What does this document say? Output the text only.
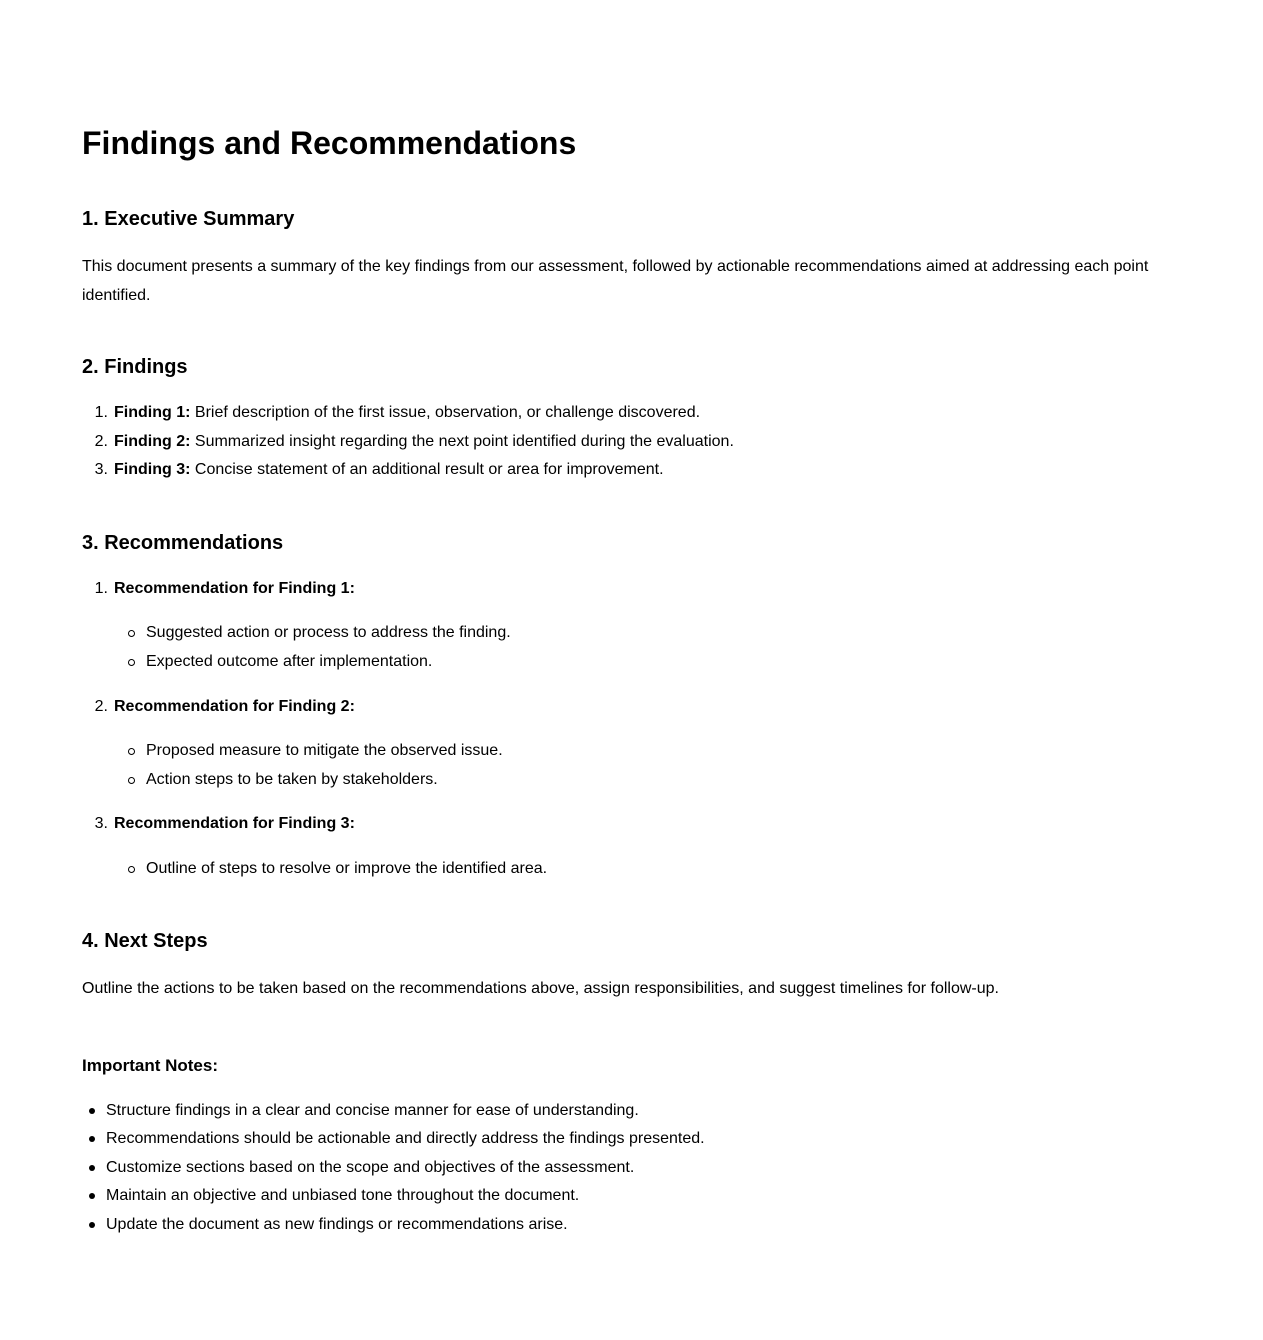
Findings and Recommendations
1. Executive Summary

This document presents a summary of the key findings from our assessment, followed by actionable recommendations aimed at addressing each point identified.

2. Findings
1. Finding 1: Brief description of the first issue, observation, or challenge discovered.
2. Finding 2: Summarized insight regarding the next point identified during the evaluation.
3. Finding 3: Concise statement of an additional result or area for improvement.
3. Recommendations
1. Recommendation for Finding 1:
Suggested action or process to address the finding.
Expected outcome after implementation.
2. Recommendation for Finding 2:
Proposed measure to mitigate the observed issue.
Action steps to be taken by stakeholders.
3. Recommendation for Finding 3:
Outline of steps to resolve or improve the identified area.
4. Next Steps

Outline the actions to be taken based on the recommendations above, assign responsibilities, and suggest timelines for follow-up.

Important Notes:

Structure findings in a clear and concise manner for ease of understanding.
Recommendations should be actionable and directly address the findings presented.
Customize sections based on the scope and objectives of the assessment.
Maintain an objective and unbiased tone throughout the document.
Update the document as new findings or recommendations arise.
